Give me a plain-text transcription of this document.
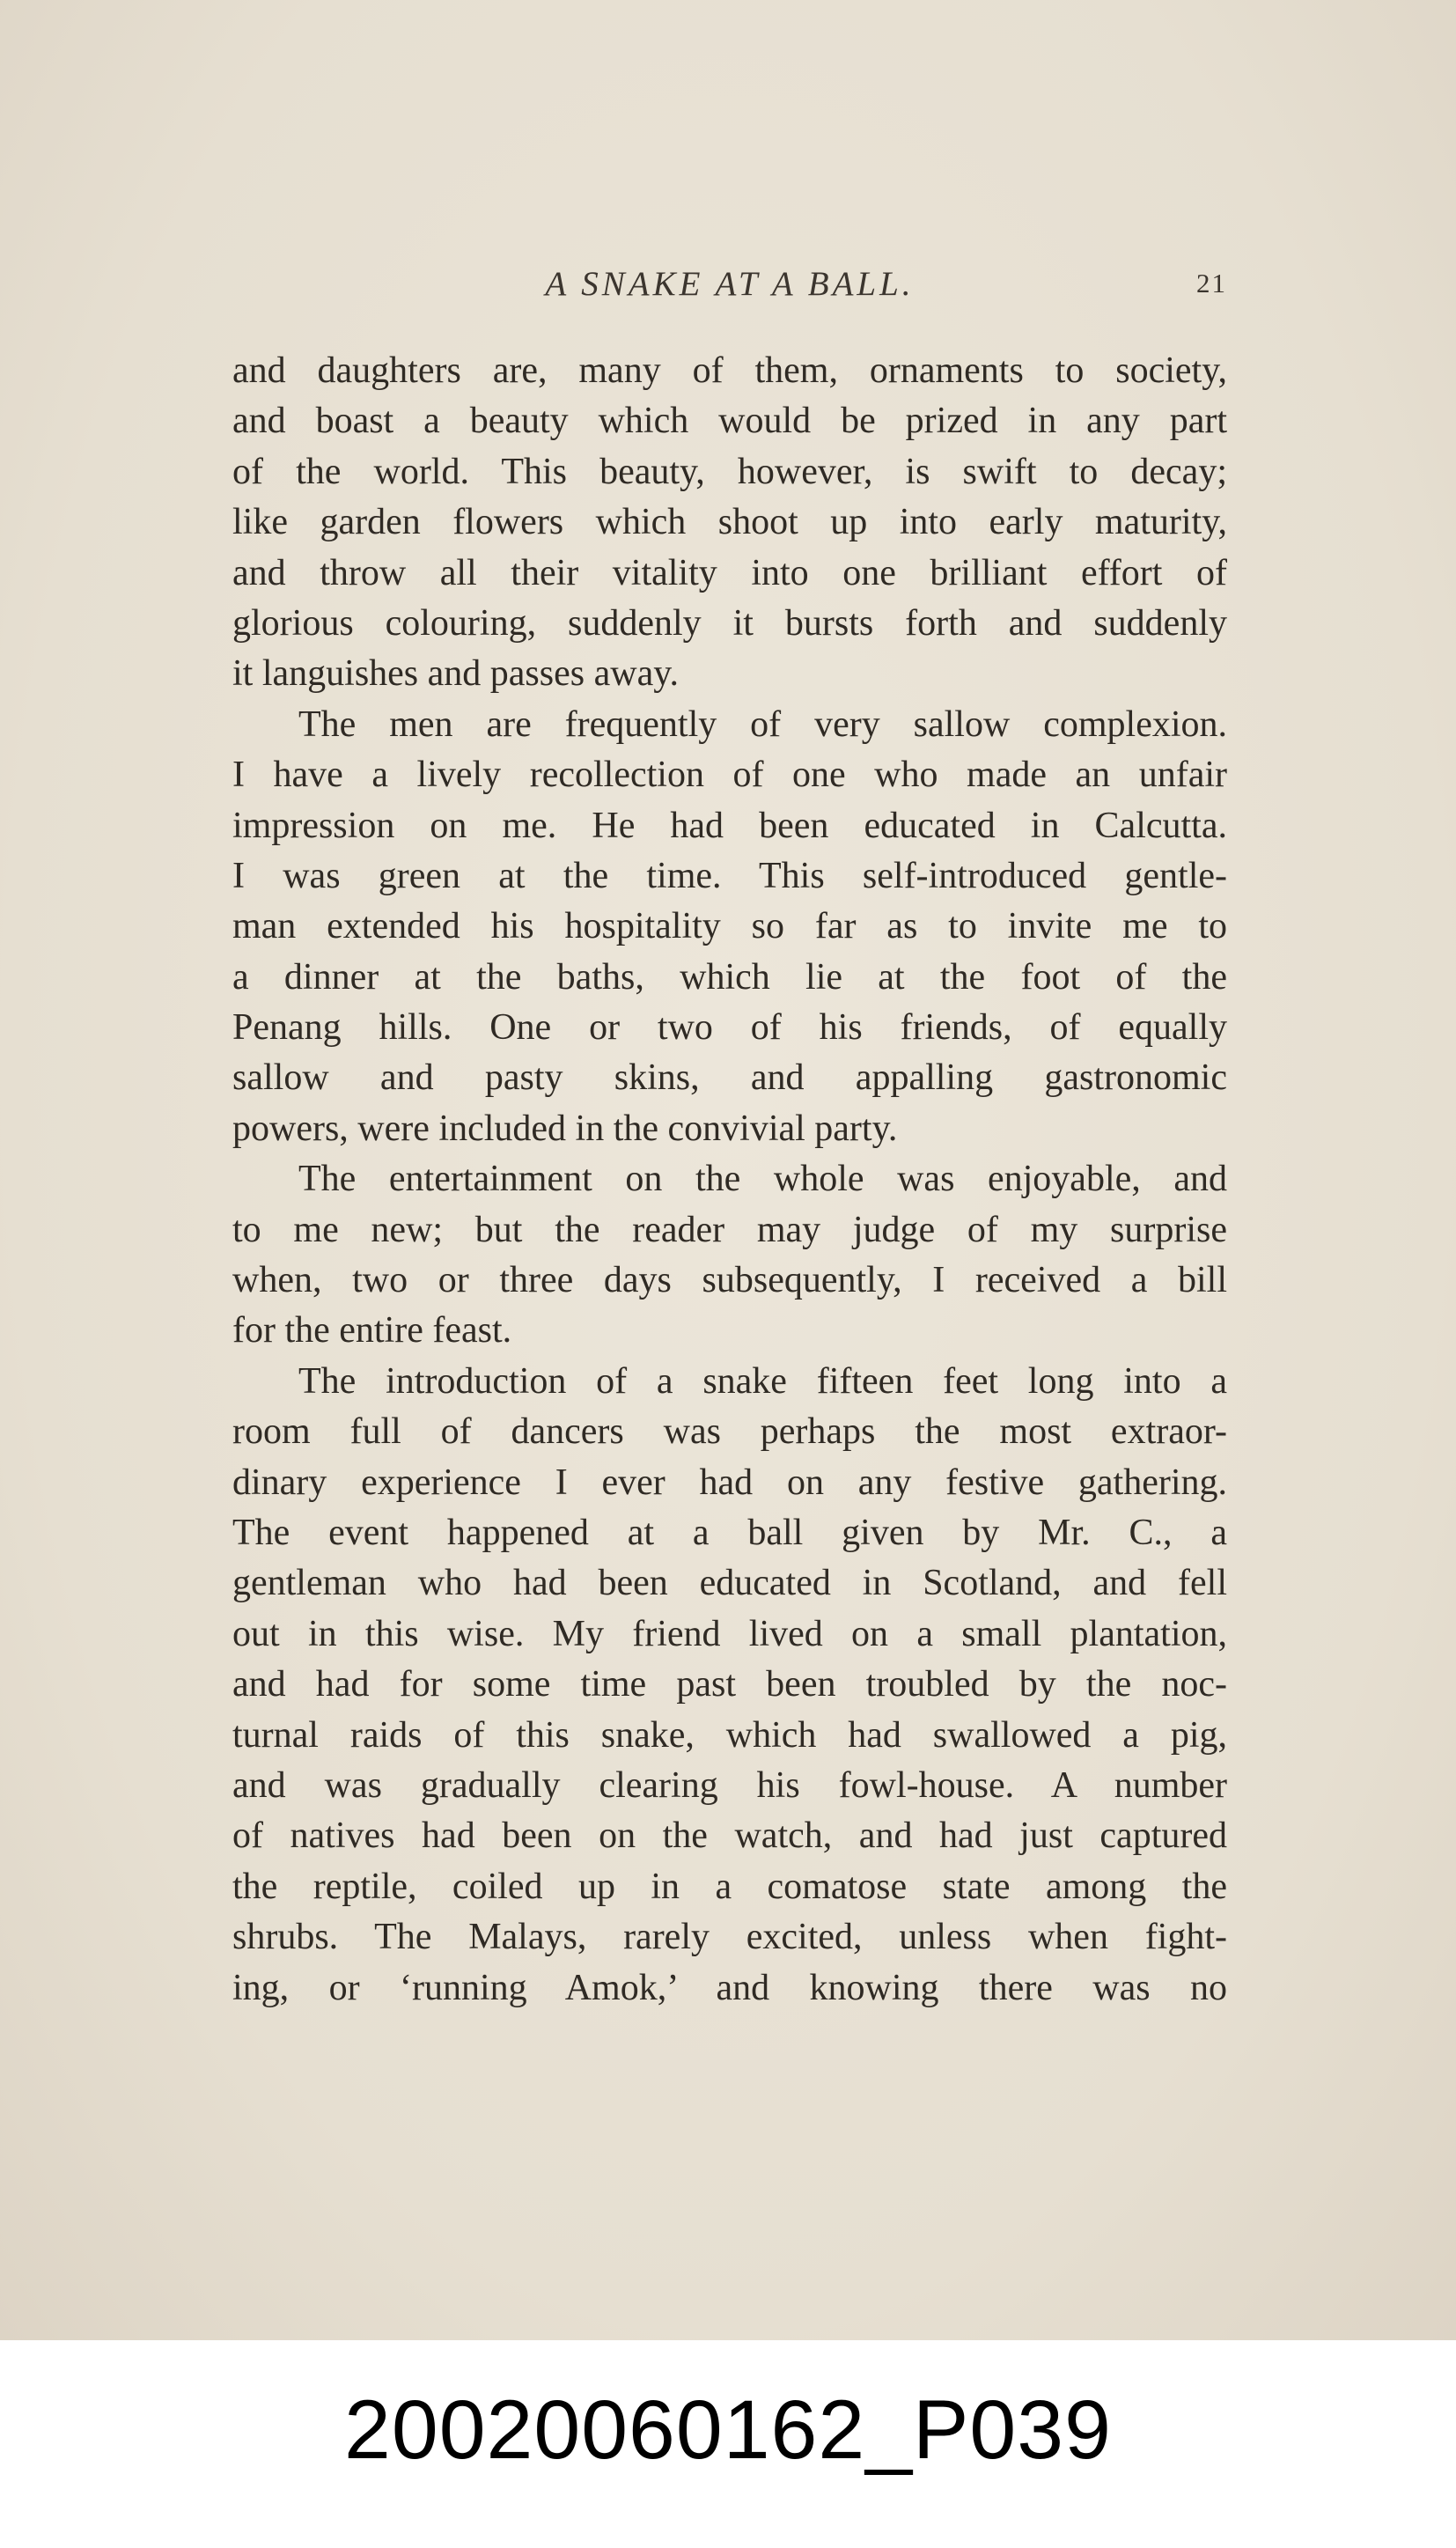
A SNAKE AT A BALL.	21
and daughters are, many of them, ornaments to society,
and boast a beauty which would be prized in any part
of the world. This beauty, however, is swift to decay;
like garden flowers which shoot up into early maturity,
and throw all their vitality into one brilliant effort of
glorious colouring, suddenly it bursts forth and suddenly
it languishes and passes away.
The men are frequently of very sallow complexion.
I have a lively recollection of one who made an unfair
impression on me. He had been educated in Calcutta.
I was green at the time. This self-introduced gentle-
man extended his hospitality so far as to invite me to
a dinner at the baths, which lie at the foot of the
Penang hills. One or two of his friends, of equally
sallow and pasty skins, and appalling gastronomic
powers, were included in the convivial party.
The entertainment on the whole was enjoyable, and
to me new; but the reader may judge of my surprise
when, two or three days subsequently, I received a bill
for the entire feast.
The introduction of a snake fifteen feet long into a
room full of dancers was perhaps the most extraor-
dinary experience I ever had on any festive gathering.
The event happened at a ball given by Mr. C., a
gentleman who had been educated in Scotland, and fell
out in this wise. My friend lived on a small plantation,
and had for some time past been troubled by the noc-
turnal raids of this snake, which had swallowed a pig,
and was gradually clearing his fowl-house. A number
of natives had been on the watch, and had just captured
the reptile, coiled up in a comatose state among the
shrubs. The Malays, rarely excited, unless when fight-
ing, or ‘running Amok,’ and knowing there was no
20020060162_P039
